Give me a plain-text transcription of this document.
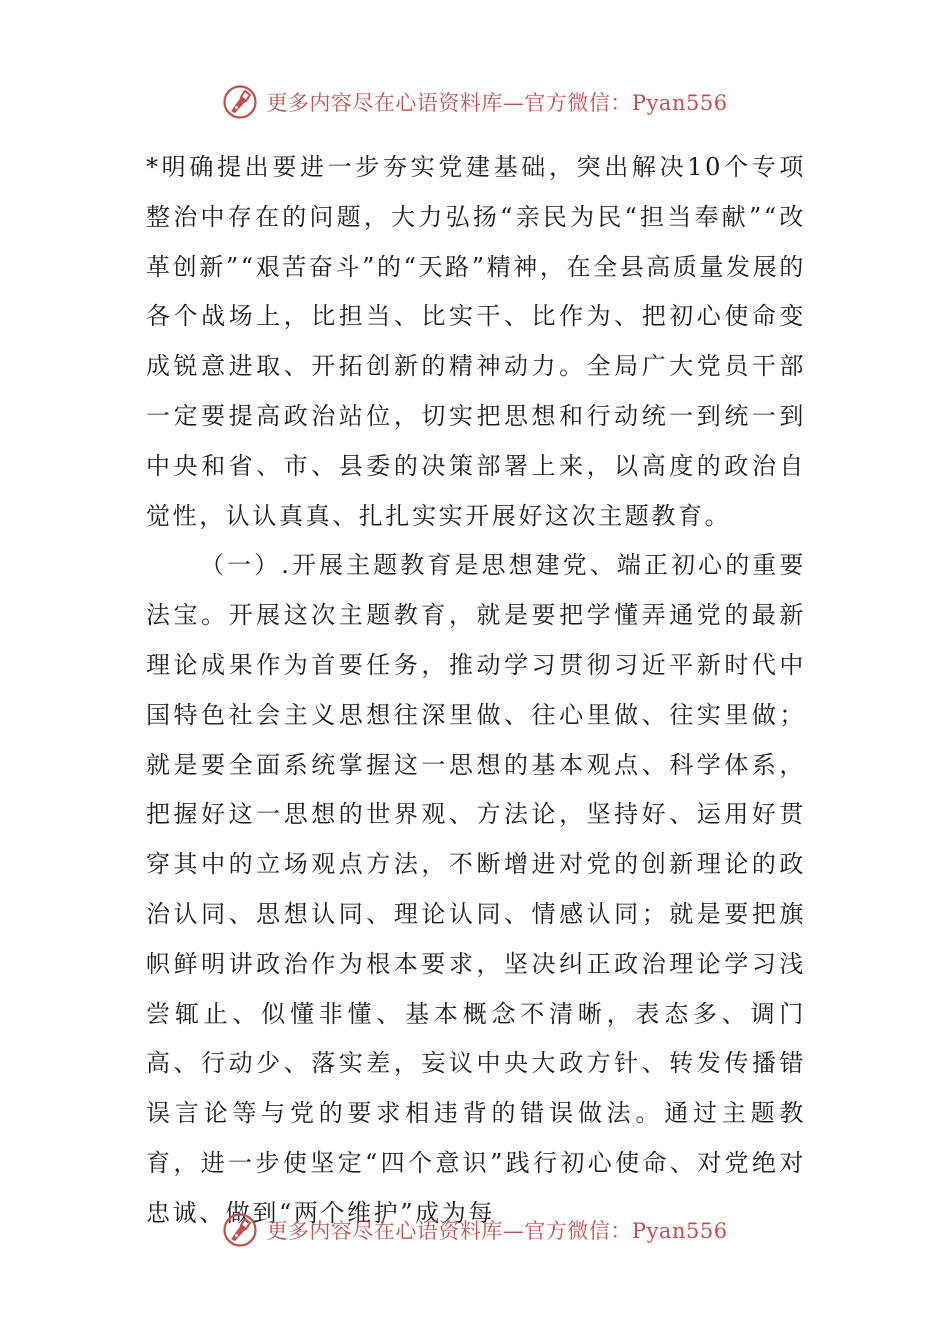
更多内容尽在心语资料库—官方微信：Pyan556

*明确提出要进一步夯实党建基础，突出解决10个专项整治中存在的问题，大力弘扬“亲民为民“担当奉献”“改革创新”“艰苦奋斗”的“天路”精神，在全县高质量发展的各个战场上，比担当、比实干、比作为、把初心使命变成锐意进取、开拓创新的精神动力。全局广大党员干部一定要提高政治站位，切实把思想和行动统一到统一到中央和省、市、县委的决策部署上来，以高度的政治自觉性，认认真真、扎扎实实开展好这次主题教育。

（一）.开展主题教育是思想建党、端正初心的重要法宝。开展这次主题教育，就是要把学懂弄通党的最新理论成果作为首要任务，推动学习贯彻习近平新时代中国特色社会主义思想往深里做、往心里做、往实里做；就是要全面系统掌握这一思想的基本观点、科学体系，把握好这一思想的世界观、方法论，坚持好、运用好贯穿其中的立场观点方法，不断增进对党的创新理论的政治认同、思想认同、理论认同、情感认同；就是要把旗帜鲜明讲政治作为根本要求，坚决纠正政治理论学习浅尝辄止、似懂非懂、基本概念不清晰，表态多、调门高、行动少、落实差，妄议中央大政方针、转发传播错误言论等与党的要求相违背的错误做法。通过主题教育，进一步使坚定“四个意识”践行初心使命、对党绝对忠诚、做到“两个维护”成为每

更多内容尽在心语资料库—官方微信：Pyan556
